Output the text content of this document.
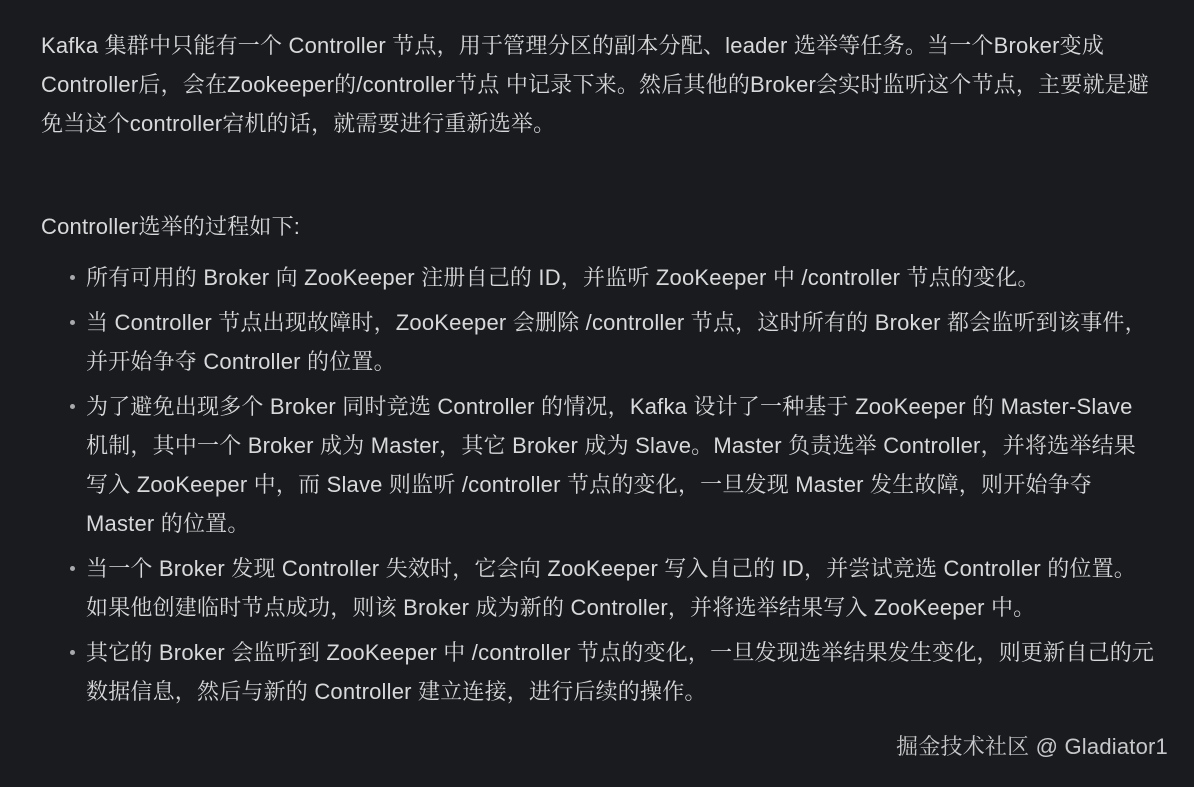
Kafka 集群中只能有一个 Controller 节点，用于管理分区的副本分配、leader 选举等任务。当一个Broker变成Controller后，会在Zookeeper的/controller节点 中记录下来。然后其他的Broker会实时监听这个节点，主要就是避免当这个controller宕机的话，就需要进行重新选举。

Controller选举的过程如下:

所有可用的 Broker 向 ZooKeeper 注册自己的 ID，并监听 ZooKeeper 中 /controller 节点的变化。
当 Controller 节点出现故障时，ZooKeeper 会删除 /controller 节点，这时所有的 Broker 都会监听到该事件，并开始争夺 Controller 的位置。
为了避免出现多个 Broker 同时竞选 Controller 的情况，Kafka 设计了一种基于 ZooKeeper 的 Master-Slave 机制，其中一个 Broker 成为 Master，其它 Broker 成为 Slave。Master 负责选举 Controller，并将选举结果写入 ZooKeeper 中，而 Slave 则监听 /controller 节点的变化，一旦发现 Master 发生故障，则开始争夺 Master 的位置。
当一个 Broker 发现 Controller 失效时，它会向 ZooKeeper 写入自己的 ID，并尝试竞选 Controller 的位置。如果他创建临时节点成功，则该 Broker 成为新的 Controller，并将选举结果写入 ZooKeeper 中。
其它的 Broker 会监听到 ZooKeeper 中 /controller 节点的变化，一旦发现选举结果发生变化，则更新自己的元数据信息，然后与新的 Controller 建立连接，进行后续的操作。
掘金技术社区 @ Gladiator1
